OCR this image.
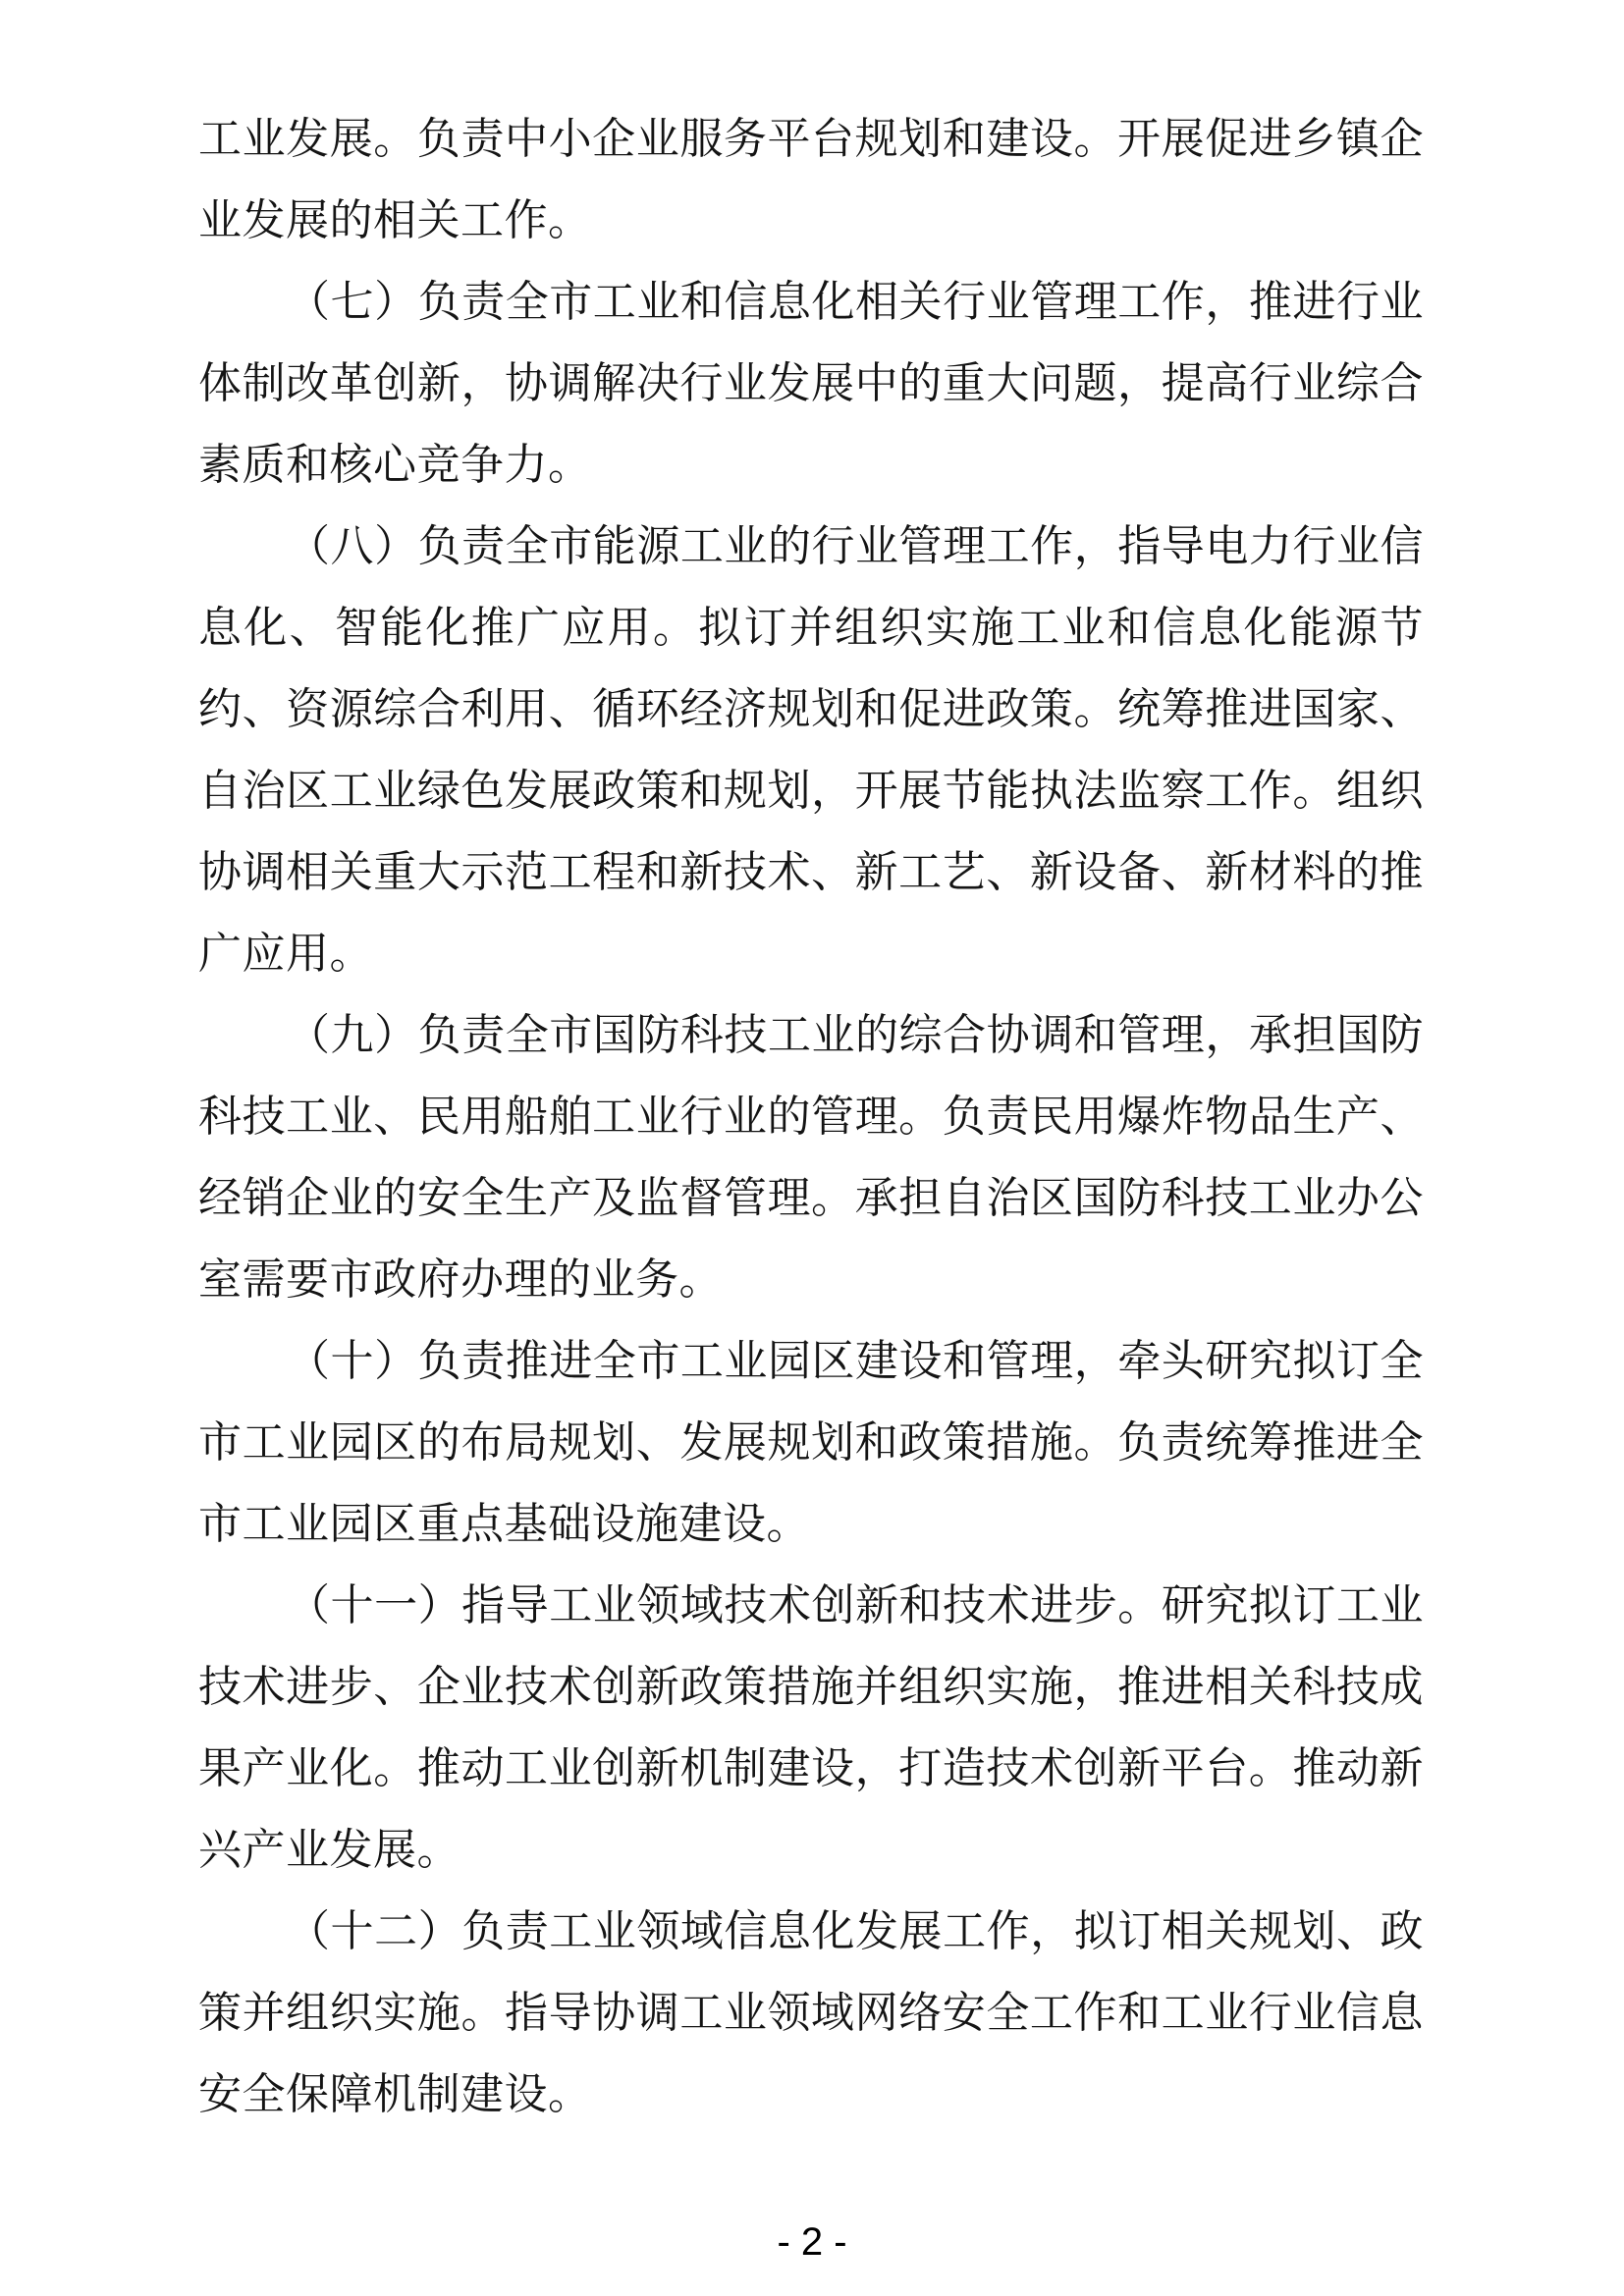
工业发展。负责中小企业服务平台规划和建设。开展促进乡镇企
业发展的相关工作。
（七）负责全市工业和信息化相关行业管理工作，推进行业
体制改革创新，协调解决行业发展中的重大问题，提高行业综合
素质和核心竞争力。
（八）负责全市能源工业的行业管理工作，指导电力行业信
息化、智能化推广应用。拟订并组织实施工业和信息化能源节
约、资源综合利用、循环经济规划和促进政策。统筹推进国家、
自治区工业绿色发展政策和规划，开展节能执法监察工作。组织
协调相关重大示范工程和新技术、新工艺、新设备、新材料的推
广应用。
（九）负责全市国防科技工业的综合协调和管理，承担国防
科技工业、民用船舶工业行业的管理。负责民用爆炸物品生产、
经销企业的安全生产及监督管理。承担自治区国防科技工业办公
室需要市政府办理的业务。
（十）负责推进全市工业园区建设和管理，牵头研究拟订全
市工业园区的布局规划、发展规划和政策措施。负责统筹推进全
市工业园区重点基础设施建设。
（十一）指导工业领域技术创新和技术进步。研究拟订工业
技术进步、企业技术创新政策措施并组织实施，推进相关科技成
果产业化。推动工业创新机制建设，打造技术创新平台。推动新
兴产业发展。
（十二）负责工业领域信息化发展工作，拟订相关规划、政
策并组织实施。指导协调工业领域网络安全工作和工业行业信息
安全保障机制建设。
- 2 -
